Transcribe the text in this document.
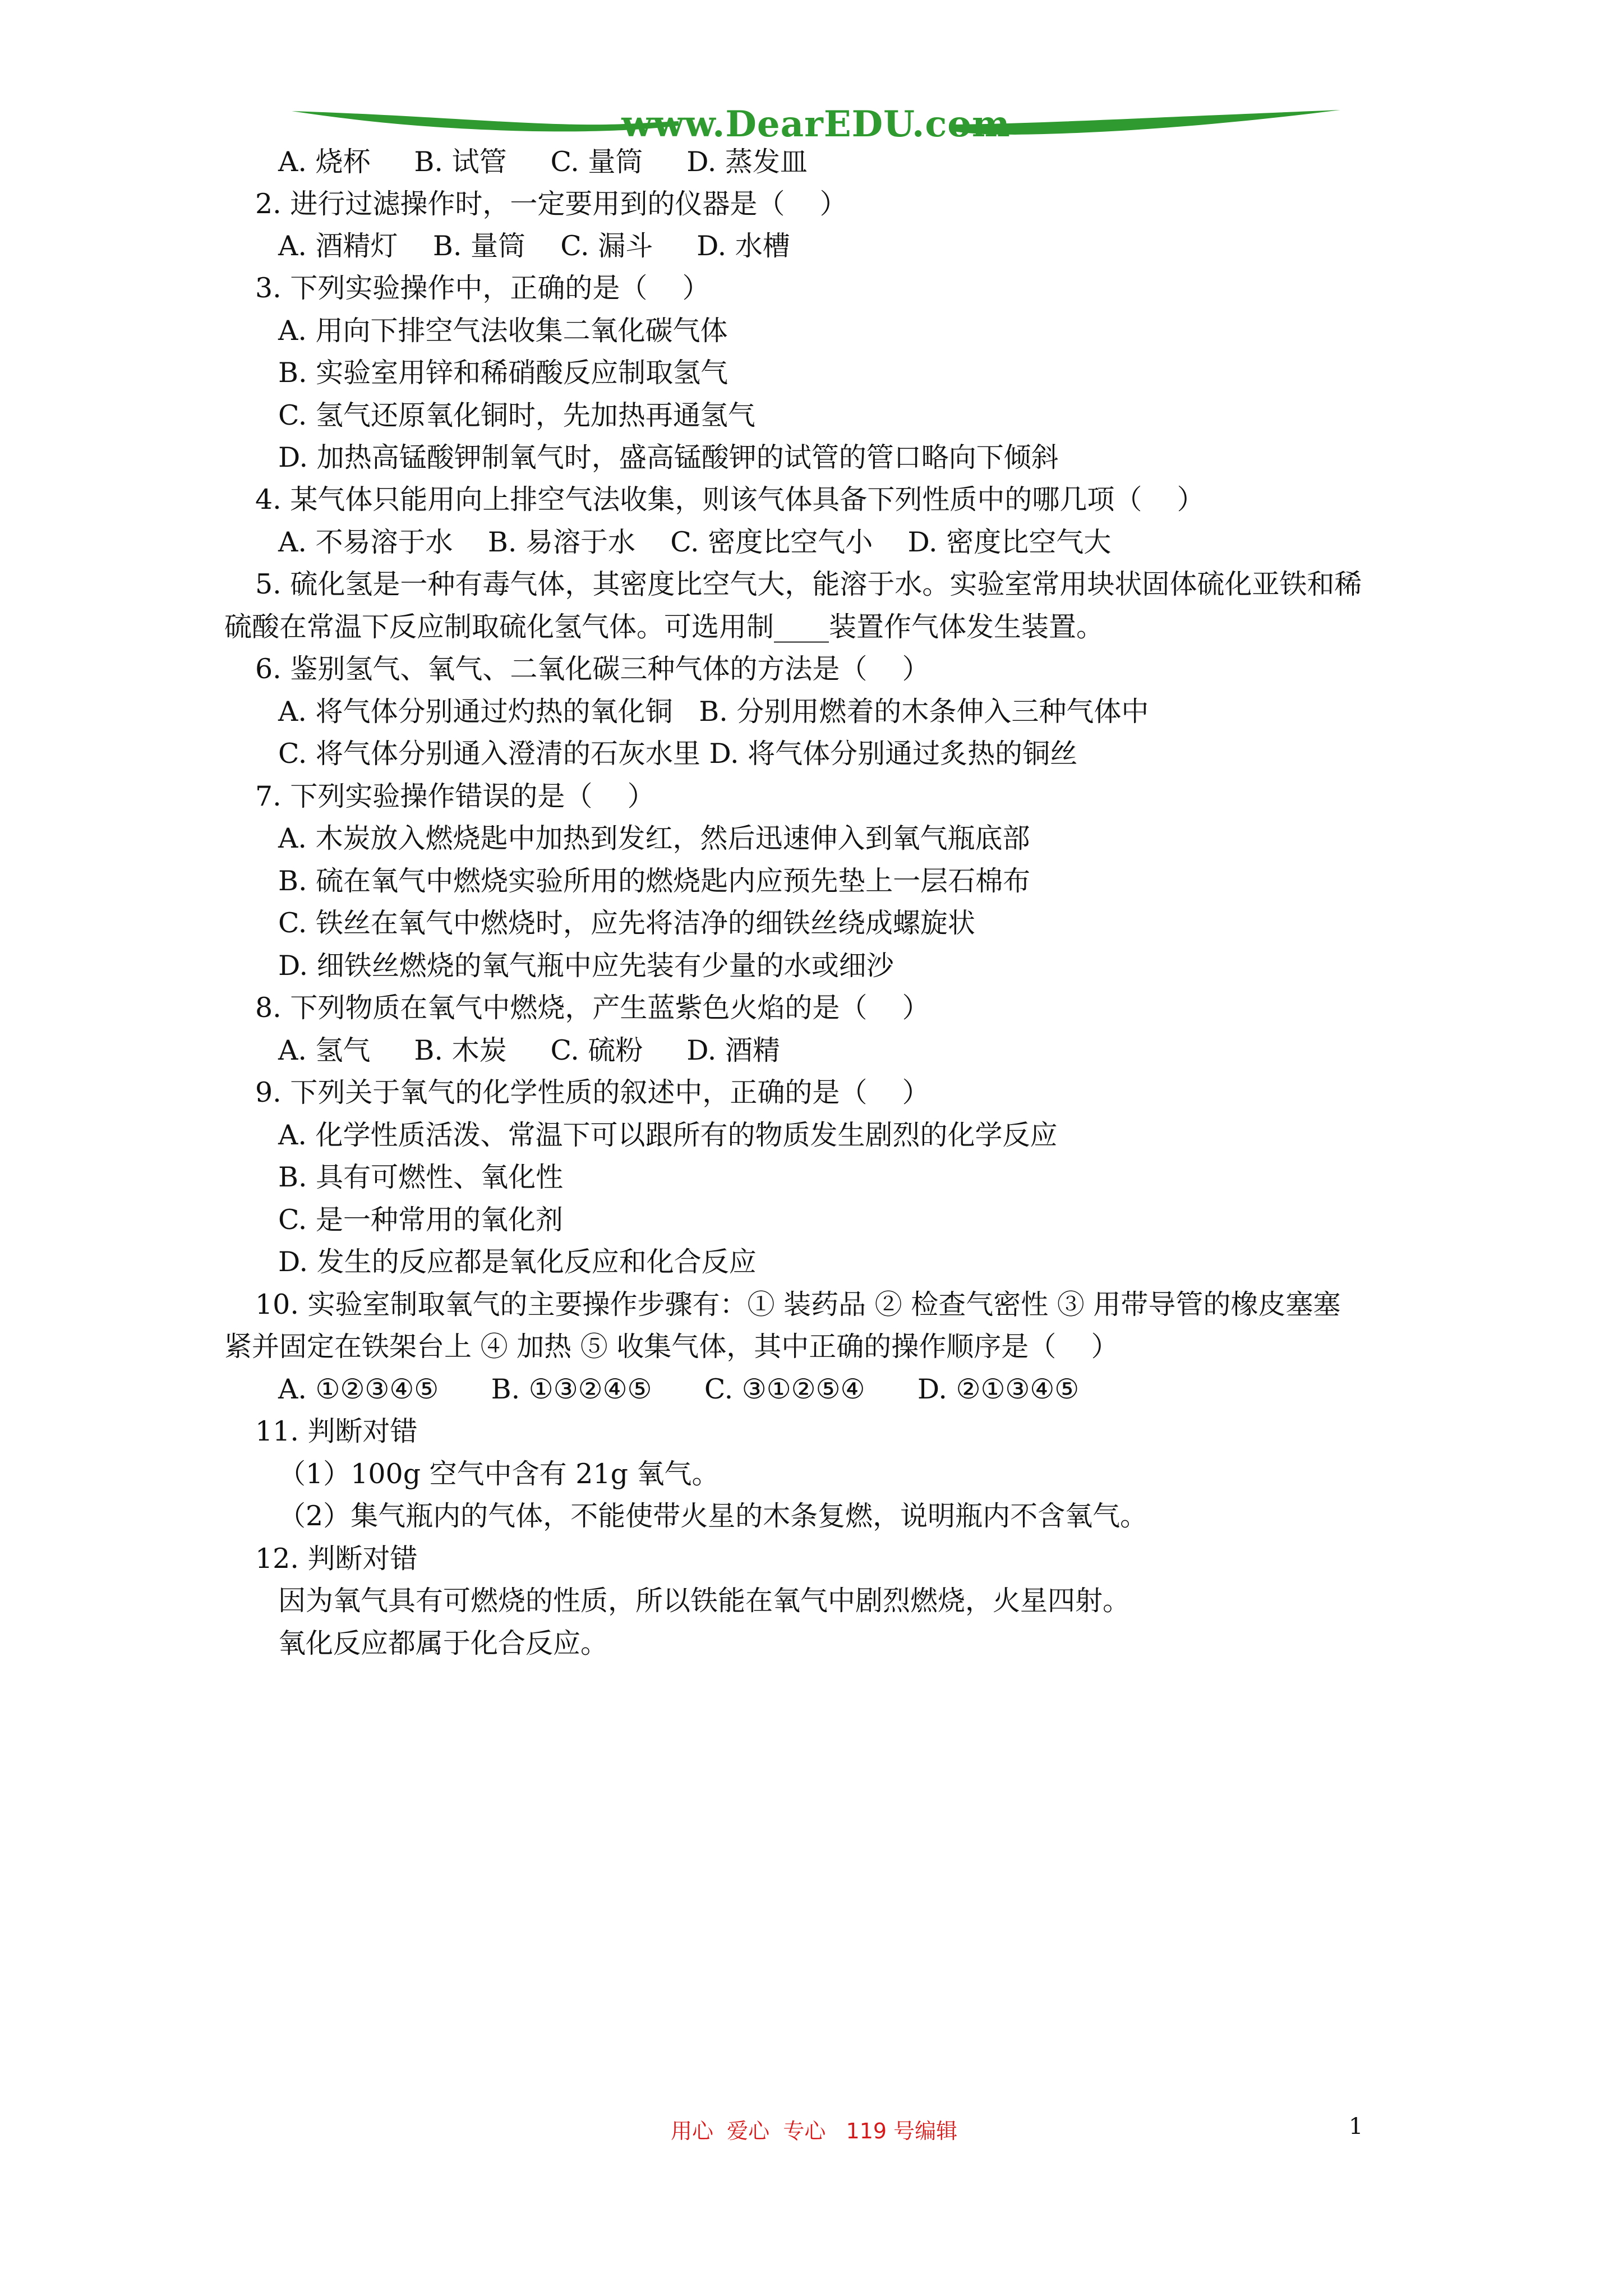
www.DearEDU.com
A. 烧杯     B. 试管     C. 量筒     D. 蒸发皿
2. 进行过滤操作时，一定要用到的仪器是（    ）
A. 酒精灯    B. 量筒    C. 漏斗     D. 水槽
3. 下列实验操作中，正确的是（    ）
A. 用向下排空气法收集二氧化碳气体
B. 实验室用锌和稀硝酸反应制取氢气
C. 氢气还原氧化铜时，先加热再通氢气
D. 加热高锰酸钾制氧气时，盛高锰酸钾的试管的管口略向下倾斜
4. 某气体只能用向上排空气法收集，则该气体具备下列性质中的哪几项（    ）
A. 不易溶于水    B. 易溶于水    C. 密度比空气小    D. 密度比空气大
5. 硫化氢是一种有毒气体，其密度比空气大，能溶于水。实验室常用块状固体硫化亚铁和稀
硫酸在常温下反应制取硫化氢气体。可选用制____装置作气体发生装置。
6. 鉴别氢气、氧气、二氧化碳三种气体的方法是（    ）
A. 将气体分别通过灼热的氧化铜   B. 分别用燃着的木条伸入三种气体中
C. 将气体分别通入澄清的石灰水里 D. 将气体分别通过炙热的铜丝
7. 下列实验操作错误的是（    ）
A. 木炭放入燃烧匙中加热到发红，然后迅速伸入到氧气瓶底部
B. 硫在氧气中燃烧实验所用的燃烧匙内应预先垫上一层石棉布
C. 铁丝在氧气中燃烧时，应先将洁净的细铁丝绕成螺旋状
D. 细铁丝燃烧的氧气瓶中应先装有少量的水或细沙
8. 下列物质在氧气中燃烧，产生蓝紫色火焰的是（    ）
A. 氢气     B. 木炭     C. 硫粉     D. 酒精
9. 下列关于氧气的化学性质的叙述中，正确的是（    ）
A. 化学性质活泼、常温下可以跟所有的物质发生剧烈的化学反应
B. 具有可燃性、氧化性
C. 是一种常用的氧化剂
D. 发生的反应都是氧化反应和化合反应
10. 实验室制取氧气的主要操作步骤有：① 装药品 ② 检查气密性 ③ 用带导管的橡皮塞塞
紧并固定在铁架台上 ④ 加热 ⑤ 收集气体，其中正确的操作顺序是（    ）
A. ①②③④⑤      B. ①③②④⑤      C. ③①②⑤④      D. ②①③④⑤
11. 判断对错
（1）100g 空气中含有 21g 氧气。
（2）集气瓶内的气体，不能使带火星的木条复燃，说明瓶内不含氧气。
12. 判断对错
因为氧气具有可燃烧的性质，所以铁能在氧气中剧烈燃烧，火星四射。
氧化反应都属于化合反应。
用心  爱心  专心   119 号编辑	1
